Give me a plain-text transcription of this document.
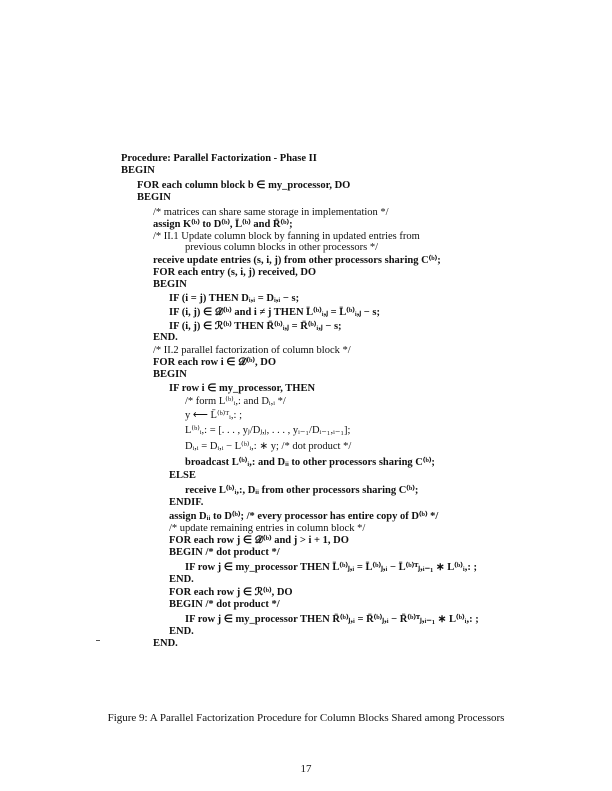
Procedure: Parallel Factorization - Phase II
BEGIN
FOR each column block b ∈ my_processor, DO
BEGIN
/* matrices can share same storage in implementation */
assign K⁽ᵇ⁾ to D⁽ᵇ⁾, L̄⁽ᵇ⁾ and R̄⁽ᵇ⁾;
/* II.1 Update column block by fanning in updated entries from
previous column blocks in other processors */
receive update entries (s, i, j) from other processors sharing C⁽ᵇ⁾;
FOR each entry (s, i, j) received, DO
BEGIN
IF (i = j) THEN Dᵢ,ᵢ = Dᵢ,ᵢ − s;
IF (i, j) ∈ 𝒟⁽ᵇ⁾ and i ≠ j THEN L̄⁽ᵇ⁾ᵢ,ⱼ = L̄⁽ᵇ⁾ᵢ,ⱼ − s;
IF (i, j) ∈ ℛ⁽ᵇ⁾ THEN R̄⁽ᵇ⁾ᵢ,ⱼ = R̄⁽ᵇ⁾ᵢ,ⱼ − s;
END.
/* II.2 parallel factorization of column block */
FOR each row i ∈ 𝒟⁽ᵇ⁾, DO
BEGIN
IF row i ∈ my_processor, THEN
/* form L⁽ᵇ⁾ᵢ,: and Dᵢ,ᵢ */
y ⟵ L̄⁽ᵇ⁾ᵀᵢ,: ;
L⁽ᵇ⁾ᵢ,: = [. . . , yⱼ/Dⱼ,ⱼ, . . . , yᵢ₋₁/Dᵢ₋₁,ᵢ₋₁];
Dᵢ,ᵢ = Dᵢ,ᵢ − L⁽ᵇ⁾ᵢ,: ∗ y; /* dot product */
broadcast L⁽ᵇ⁾ᵢ,: and Dᵢᵢ to other processors sharing C⁽ᵇ⁾;
ELSE
receive L⁽ᵇ⁾ᵢ,:, Dᵢᵢ from other processors sharing C⁽ᵇ⁾;
ENDIF.
assign Dᵢᵢ to D⁽ᵇ⁾; /* every processor has entire copy of D⁽ᵇ⁾ */
/* update remaining entries in column block */
FOR each row j ∈ 𝒟⁽ᵇ⁾ and j > i + 1, DO
BEGIN /* dot product */
IF row j ∈ my_processor THEN L̄⁽ᵇ⁾ⱼ,ᵢ = L̄⁽ᵇ⁾ⱼ,ᵢ − L̄⁽ᵇ⁾ᵀⱼ,ᵢ₋₁ ∗ L⁽ᵇ⁾ᵢ,: ;
END.
FOR each row j ∈ ℛ⁽ᵇ⁾, DO
BEGIN /* dot product */
IF row j ∈ my_processor THEN R̄⁽ᵇ⁾ⱼ,ᵢ = R̄⁽ᵇ⁾ⱼ,ᵢ − R̄⁽ᵇ⁾ᵀⱼ,ᵢ₋₁ ∗ L⁽ᵇ⁾ᵢ,: ;
END.
END.
Figure 9: A Parallel Factorization Procedure for Column Blocks Shared among Processors
17
